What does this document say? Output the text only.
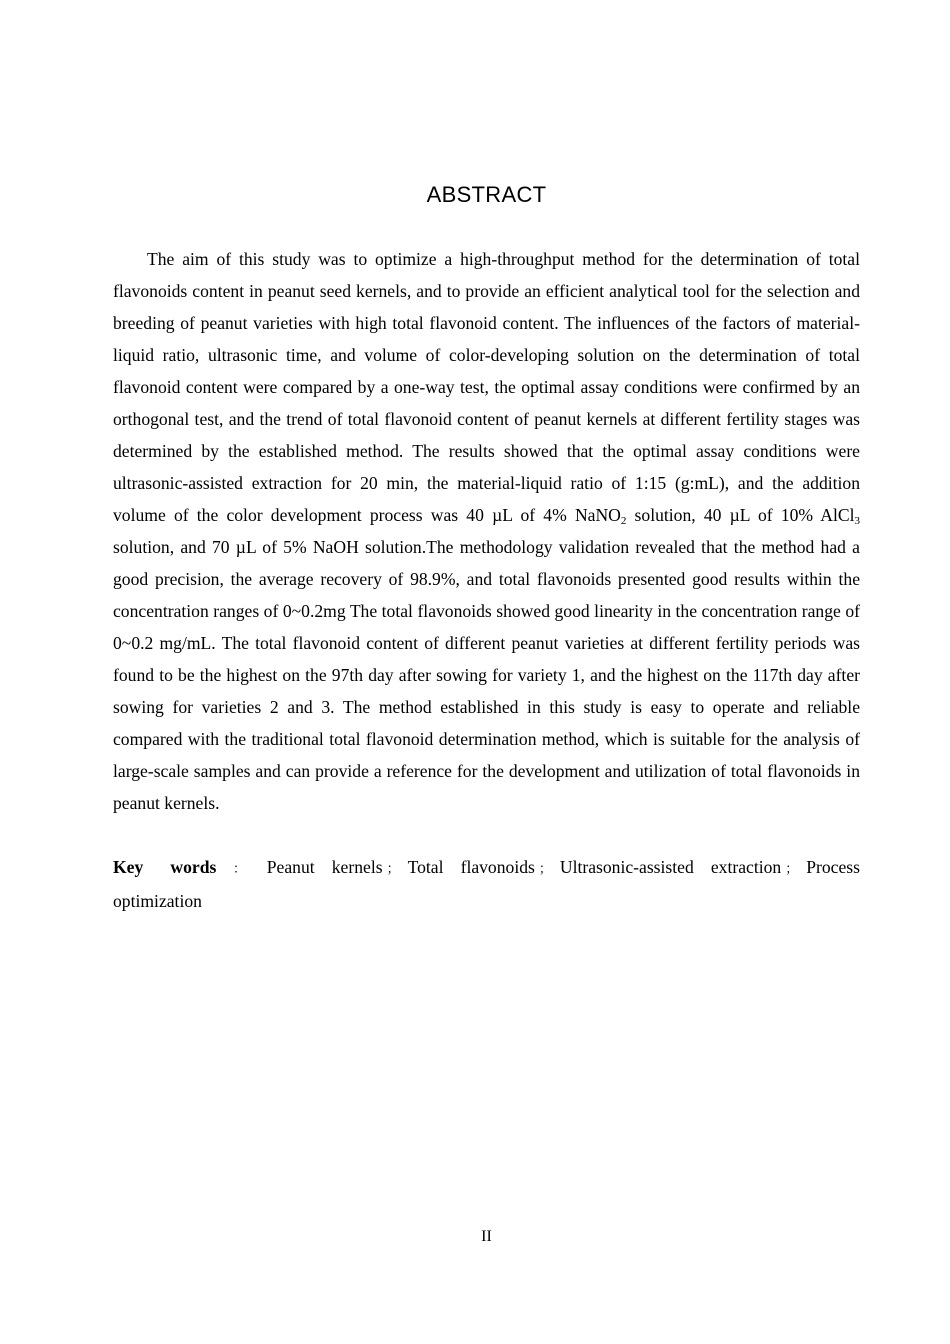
ABSTRACT

The aim of this study was to optimize a high-throughput method for the determination of total flavonoids content in peanut seed kernels, and to provide an efficient analytical tool for the selection and breeding of peanut varieties with high total flavonoid content. The influences of the factors of material-liquid ratio, ultrasonic time, and volume of color-developing solution on the determination of total flavonoid content were compared by a one-way test, the optimal assay conditions were confirmed by an orthogonal test, and the trend of total flavonoid content of peanut kernels at different fertility stages was determined by the established method. The results showed that the optimal assay conditions were ultrasonic-assisted extraction for 20 min, the material-liquid ratio of 1:15 (g:mL), and the addition volume of the color development process was 40 µL of 4% NaNO$_2$ solution, 40 µL of 10% AlCl$_3$ solution, and 70 µL of 5% NaOH solution.The methodology validation revealed that the method had a good precision, the average recovery of 98.9%, and total flavonoids presented good results within the concentration ranges of 0~0.2mg The total flavonoids showed good linearity in the concentration range of 0~0.2 mg/mL. The total flavonoid content of different peanut varieties at different fertility periods was found to be the highest on the 97th day after sowing for variety 1, and the highest on the 117th day after sowing for varieties 2 and 3. The method established in this study is easy to operate and reliable compared with the traditional total flavonoid determination method, which is suitable for the analysis of large-scale samples and can provide a reference for the development and utilization of total flavonoids in peanut kernels.

Key words ： Peanut kernels ； Total flavonoids ； Ultrasonic-assisted extraction ； Process optimization
II
